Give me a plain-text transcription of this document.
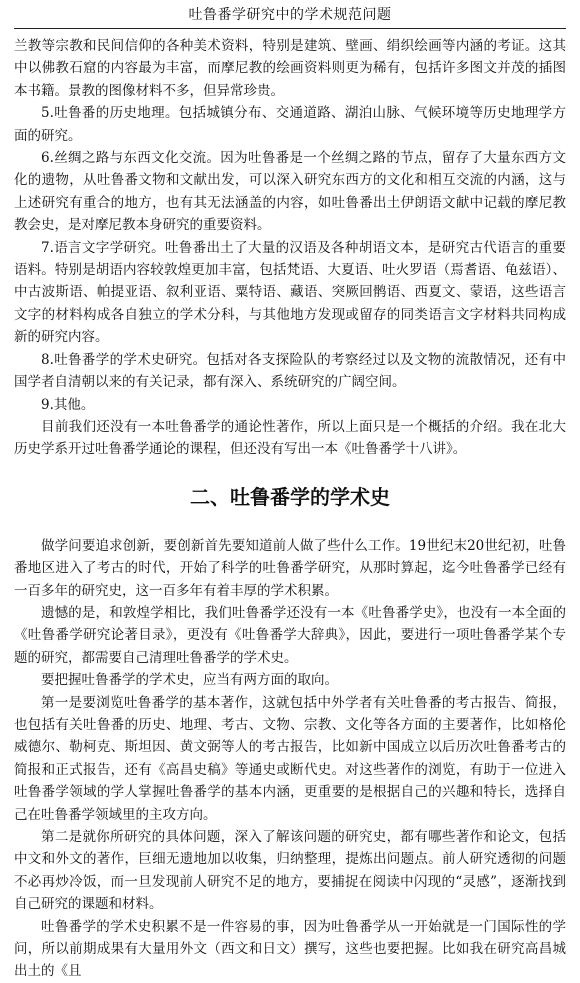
吐鲁番学研究中的学术规范问题

兰教等宗教和民间信仰的各种美术资料，特别是建筑、壁画、绢织绘画等内涵的考证。这其中以佛教石窟的内容最为丰富，而摩尼教的绘画资料则更为稀有，包括许多图文并茂的插图本书籍。景教的图像材料不多，但异常珍贵。

5.吐鲁番的历史地理。包括城镇分布、交通道路、湖泊山脉、气候环境等历史地理学方面的研究。

6.丝绸之路与东西文化交流。因为吐鲁番是一个丝绸之路的节点，留存了大量东西方文化的遗物，从吐鲁番文物和文献出发，可以深入研究东西方的文化和相互交流的内涵，这与上述研究有重合的地方，也有其无法涵盖的内容，如吐鲁番出土伊朗语文献中记载的摩尼教教会史，是对摩尼教本身研究的重要资料。

7.语言文字学研究。吐鲁番出土了大量的汉语及各种胡语文本，是研究古代语言的重要语料。特别是胡语内容较敦煌更加丰富，包括梵语、大夏语、吐火罗语（焉耆语、龟兹语）、中古波斯语、帕提亚语、叙利亚语、粟特语、藏语、突厥回鹘语、西夏文、蒙语，这些语言文字的材料构成各自独立的学术分科，与其他地方发现或留存的同类语言文字材料共同构成新的研究内容。

8.吐鲁番学的学术史研究。包括对各支探险队的考察经过以及文物的流散情况，还有中国学者自清朝以来的有关记录，都有深入、系统研究的广阔空间。

9.其他。

目前我们还没有一本吐鲁番学的通论性著作，所以上面只是一个概括的介绍。我在北大历史学系开过吐鲁番学通论的课程，但还没有写出一本《吐鲁番学十八讲》。

二、吐鲁番学的学术史

做学问要追求创新，要创新首先要知道前人做了些什么工作。19世纪末20世纪初，吐鲁番地区进入了考古的时代，开始了科学的吐鲁番学研究，从那时算起，迄今吐鲁番学已经有一百多年的研究史，这一百多年有着丰厚的学术积累。

遗憾的是，和敦煌学相比，我们吐鲁番学还没有一本《吐鲁番学史》，也没有一本全面的《吐鲁番学研究论著目录》，更没有《吐鲁番学大辞典》，因此，要进行一项吐鲁番学某个专题的研究，都需要自己清理吐鲁番学的学术史。

要把握吐鲁番学的学术史，应当有两方面的取向。

第一是要浏览吐鲁番学的基本著作，这就包括中外学者有关吐鲁番的考古报告、简报，也包括有关吐鲁番的历史、地理、考古、文物、宗教、文化等各方面的主要著作，比如格伦威德尔、勒柯克、斯坦因、黄文弼等人的考古报告，比如新中国成立以后历次吐鲁番考古的简报和正式报告，还有《高昌史稿》等通史或断代史。对这些著作的浏览，有助于一位进入吐鲁番学领域的学人掌握吐鲁番学的基本内涵，更重要的是根据自己的兴趣和特长，选择自己在吐鲁番学领域里的主攻方向。

第二是就你所研究的具体问题，深入了解该问题的研究史，都有哪些著作和论文，包括中文和外文的著作，巨细无遗地加以收集，归纳整理，提炼出问题点。前人研究透彻的问题不必再炒冷饭，而一旦发现前人研究不足的地方，要捕捉在阅读中闪现的“灵感”，逐渐找到自己研究的课题和材料。

吐鲁番学的学术史积累不是一件容易的事，因为吐鲁番学从一开始就是一门国际性的学问，所以前期成果有大量用外文（西文和日文）撰写，这些也要把握。比如我在研究高昌城出土的《且
